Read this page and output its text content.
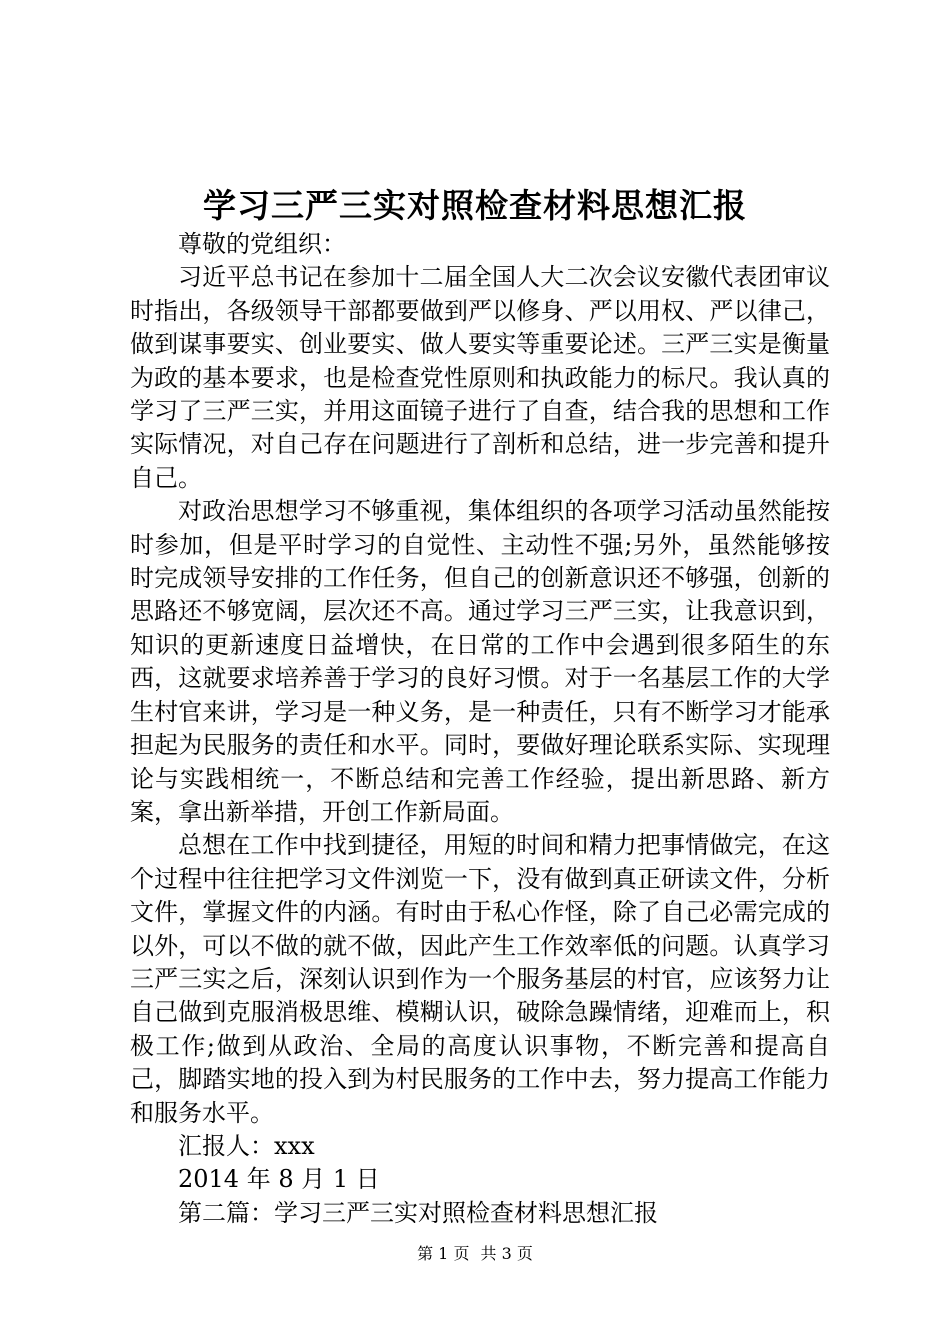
学习三严三实对照检查材料思想汇报

尊敬的党组织：

习近平总书记在参加十二届全国人大二次会议安徽代表团审议时指出，各级领导干部都要做到严以修身、严以用权、严以律己，做到谋事要实、创业要实、做人要实等重要论述。三严三实是衡量为政的基本要求，也是检查党性原则和执政能力的标尺。我认真的学习了三严三实，并用这面镜子进行了自查，结合我的思想和工作实际情况，对自己存在问题进行了剖析和总结，进一步完善和提升自己。

对政治思想学习不够重视，集体组织的各项学习活动虽然能按时参加，但是平时学习的自觉性、主动性不强;另外，虽然能够按时完成领导安排的工作任务，但自己的创新意识还不够强，创新的思路还不够宽阔，层次还不高。通过学习三严三实，让我意识到，知识的更新速度日益增快，在日常的工作中会遇到很多陌生的东西，这就要求培养善于学习的良好习惯。对于一名基层工作的大学生村官来讲，学习是一种义务，是一种责任，只有不断学习才能承担起为民服务的责任和水平。同时，要做好理论联系实际、实现理论与实践相统一，不断总结和完善工作经验，提出新思路、新方案，拿出新举措，开创工作新局面。

总想在工作中找到捷径，用短的时间和精力把事情做完，在这个过程中往往把学习文件浏览一下，没有做到真正研读文件，分析文件，掌握文件的内涵。有时由于私心作怪，除了自己必需完成的以外，可以不做的就不做，因此产生工作效率低的问题。认真学习三严三实之后，深刻认识到作为一个服务基层的村官，应该努力让自己做到克服消极思维、模糊认识，破除急躁情绪，迎难而上，积极工作;做到从政治、全局的高度认识事物，不断完善和提高自己，脚踏实地的投入到为村民服务的工作中去，努力提高工作能力和服务水平。

汇报人：xxx

2014 年 8 月 1 日

第二篇：学习三严三实对照检查材料思想汇报

第 1 页 共 3 页
